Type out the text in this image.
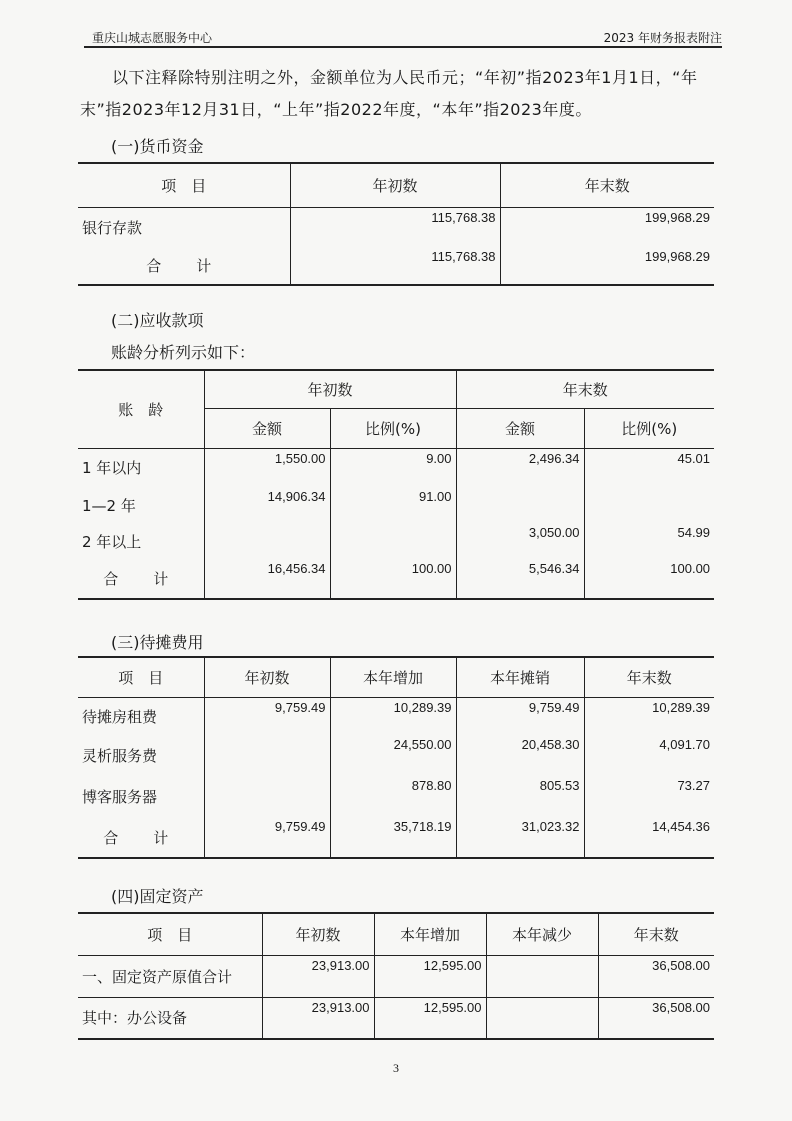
重庆山城志愿服务中心	2023 年财务报表附注
以下注释除特别注明之外，金额单位为人民币元；“年初”指2023年1月1日，“年末”指2023年12月31日，“上年”指2022年度，“本年”指2023年度。
(一)货币资金
项　目	年初数	年末数
银行存款	115,768.38	199,968.29
合　计	115,768.38	199,968.29
(二)应收款项
账龄分析列示如下：
账　龄	年初数		年末数	
	金额	比例(%)	金额	比例(%)
1 年以内	1,550.00	9.00	2,496.34	45.01
1—2 年	14,906.34	91.00		
2 年以上			3,050.00	54.99
合　计	16,456.34	100.00	5,546.34	100.00
(三)待摊费用
项　目	年初数	本年增加	本年摊销	年末数
待摊房租费	9,759.49	10,289.39	9,759.49	10,289.39
灵析服务费		24,550.00	20,458.30	4,091.70
博客服务器		878.80	805.53	73.27
合　计	9,759.49	35,718.19	31,023.32	14,454.36
(四)固定资产
项　目	年初数	本年增加	本年减少	年末数
一、固定资产原值合计	23,913.00	12,595.00		36,508.00
其中：办公设备	23,913.00	12,595.00		36,508.00
3
